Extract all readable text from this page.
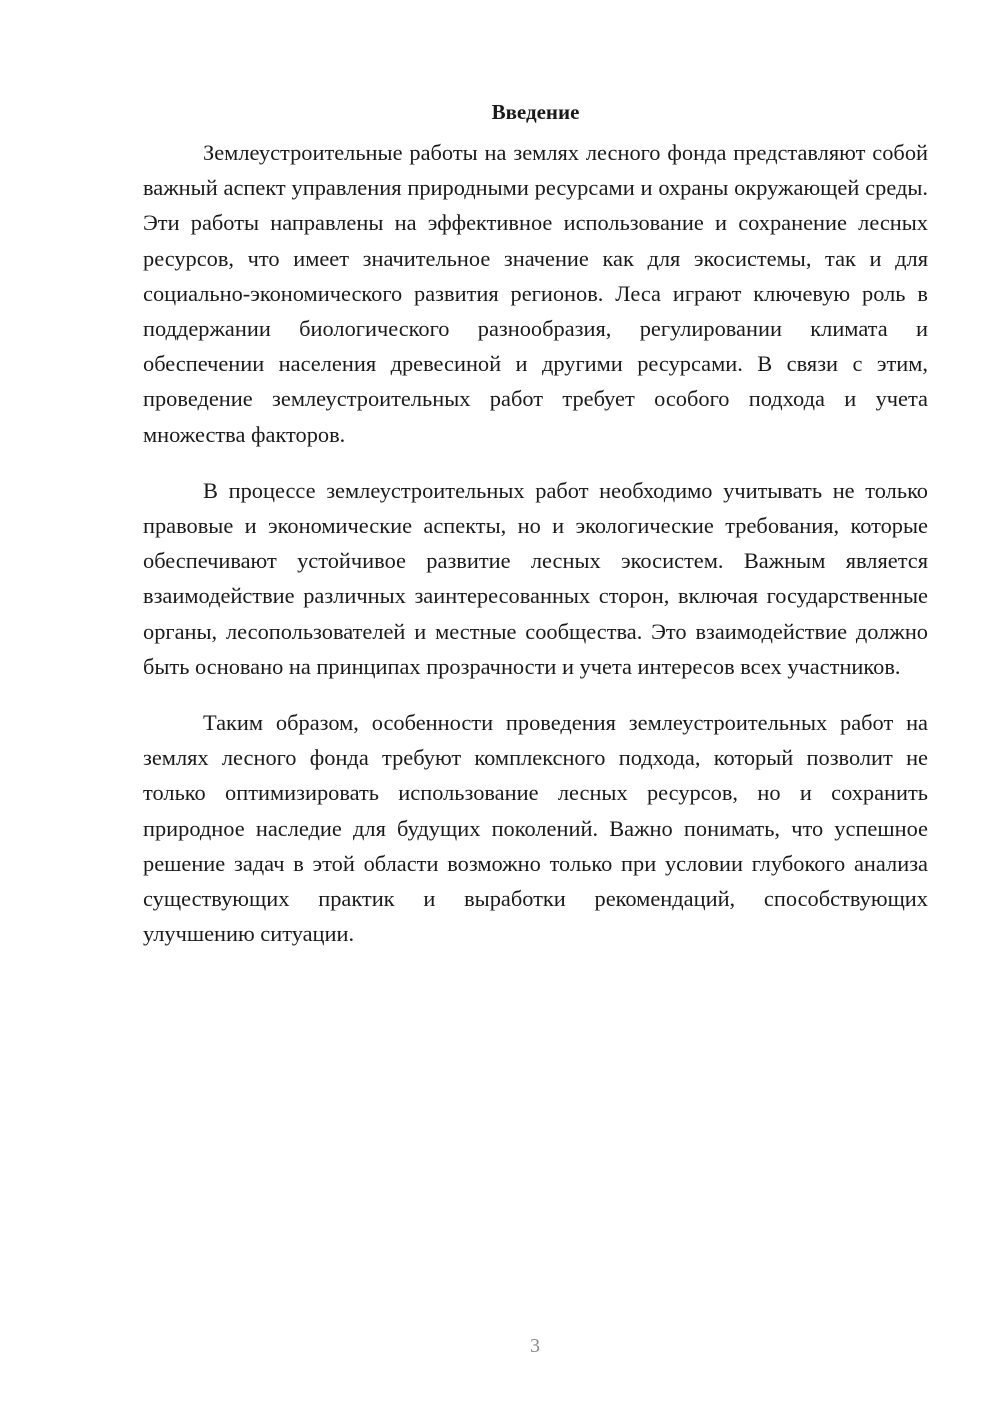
Введение

Землеустроительные работы на землях лесного фонда представляют собой важный аспект управления природными ресурсами и охраны окружающей среды. Эти работы направлены на эффективное использование и сохранение лесных ресурсов, что имеет значительное значение как для экосистемы, так и для социально-экономического развития регионов. Леса играют ключевую роль в поддержании биологического разнообразия, регулировании климата и обеспечении населения древесиной и другими ресурсами. В связи с этим, проведение землеустроительных работ требует особого подхода и учета множества факторов.

В процессе землеустроительных работ необходимо учитывать не только правовые и экономические аспекты, но и экологические требования, которые обеспечивают устойчивое развитие лесных экосистем. Важным является взаимодействие различных заинтересованных сторон, включая государственные органы, лесопользователей и местные сообщества. Это взаимодействие должно быть основано на принципах прозрачности и учета интересов всех участников.

Таким образом, особенности проведения землеустроительных работ на землях лесного фонда требуют комплексного подхода, который позволит не только оптимизировать использование лесных ресурсов, но и сохранить природное наследие для будущих поколений. Важно понимать, что успешное решение задач в этой области возможно только при условии глубокого анализа существующих практик и выработки рекомендаций, способствующих улучшению ситуации.

3
